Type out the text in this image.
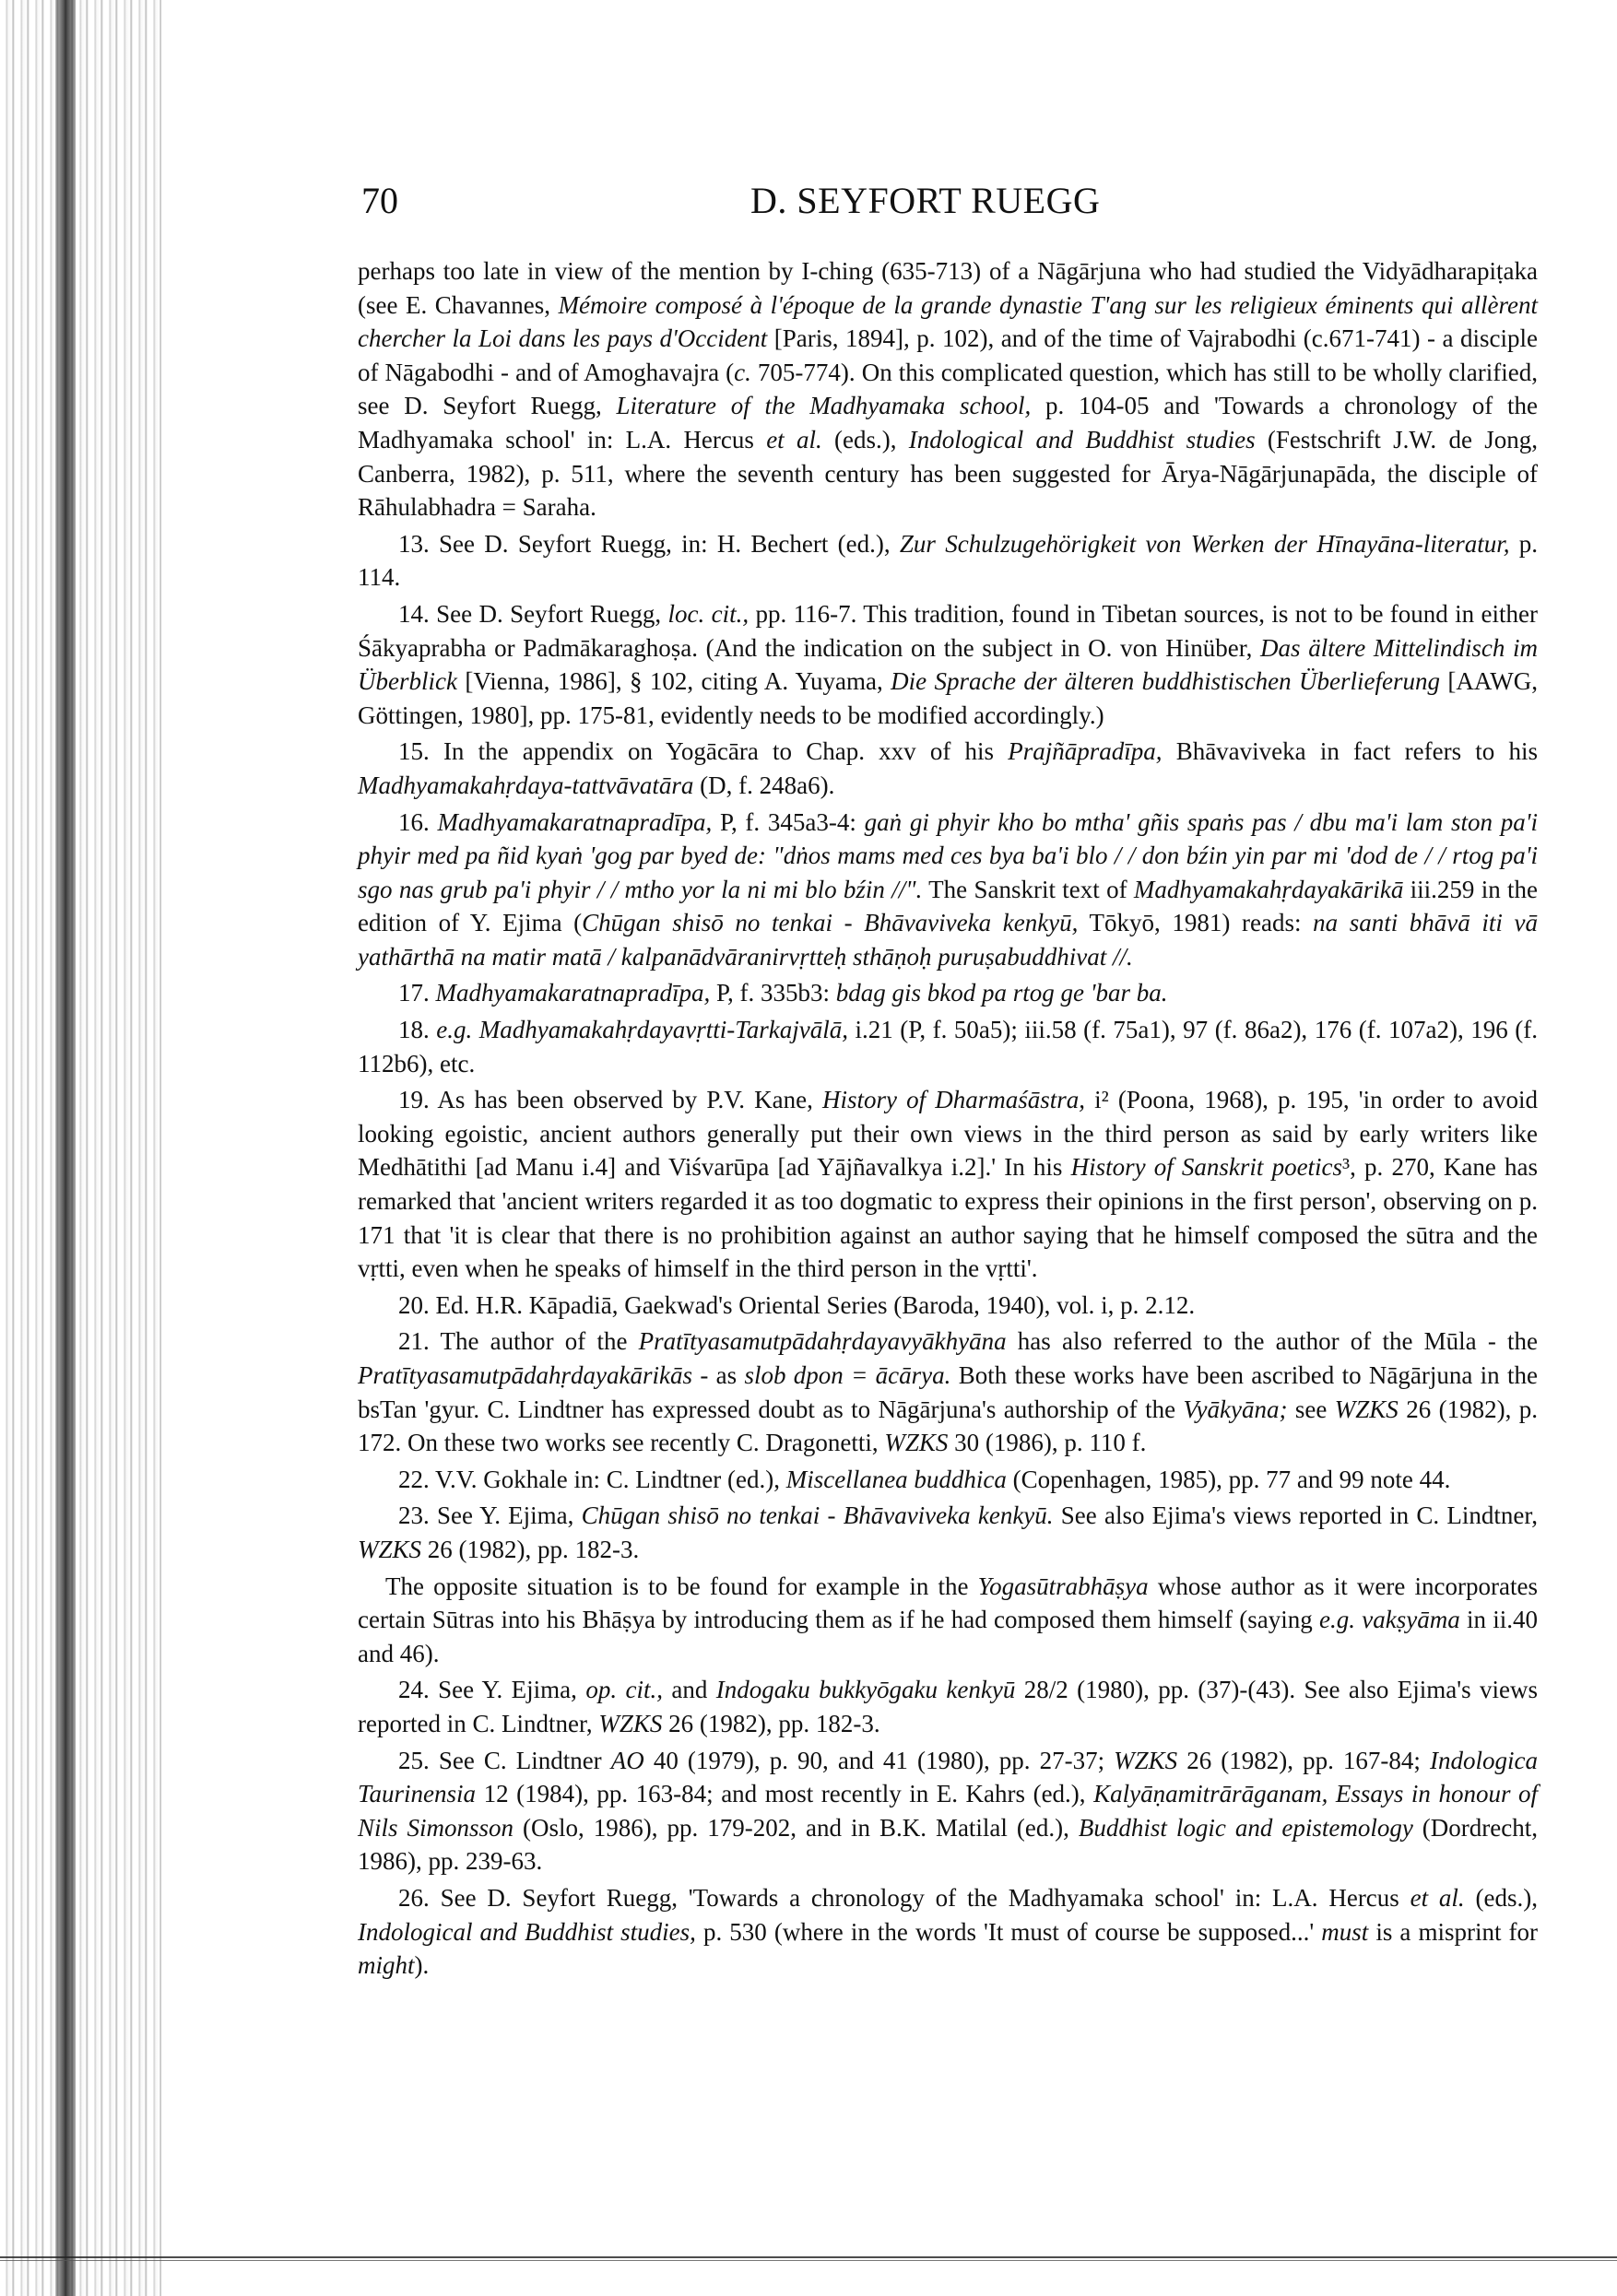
70	D. SEYFORT RUEGG

perhaps too late in view of the mention by I-ching (635-713) of a Nāgārjuna who had studied the Vidyādharapiṭaka (see E. Chavannes, Mémoire composé à l'époque de la grande dynastie T'ang sur les religieux éminents qui allèrent chercher la Loi dans les pays d'Occident [Paris, 1894], p. 102), and of the time of Vajrabodhi (c.671-741) - a disciple of Nāgabodhi - and of Amoghavajra (c. 705-774). On this complicated question, which has still to be wholly clarified, see D. Seyfort Ruegg, Literature of the Madhyamaka school, p. 104-05 and 'Towards a chronology of the Madhyamaka school' in: L.A. Hercus et al. (eds.), Indological and Buddhist studies (Festschrift J.W. de Jong, Canberra, 1982), p. 511, where the seventh century has been suggested for Ārya-Nāgārjunapāda, the disciple of Rāhulabhadra = Saraha.

13. See D. Seyfort Ruegg, in: H. Bechert (ed.), Zur Schulzugehörigkeit von Werken der Hīnayāna-literatur, p. 114.

14. See D. Seyfort Ruegg, loc. cit., pp. 116-7. This tradition, found in Tibetan sources, is not to be found in either Śākyaprabha or Padmākaraghoṣa. (And the indication on the subject in O. von Hinüber, Das ältere Mittelindisch im Überblick [Vienna, 1986], § 102, citing A. Yuyama, Die Sprache der älteren buddhistischen Überlieferung [AAWG, Göttingen, 1980], pp. 175-81, evidently needs to be modified accordingly.)

15. In the appendix on Yogācāra to Chap. xxv of his Prajñāpradīpa, Bhāvaviveka in fact refers to his Madhyamakahṛdaya-tattvāvatāra (D, f. 248a6).

16. Madhyamakaratnapradīpa, P, f. 345a3-4: gaṅ gi phyir kho bo mtha' gñis spaṅs pas / dbu ma'i lam ston pa'i phyir med pa ñid kyaṅ 'gog par byed de: "dṅos mams med ces bya ba'i blo / / don bźin yin par mi 'dod de / / rtog pa'i sgo nas grub pa'i phyir / / mtho yor la ni mi blo bźin //". The Sanskrit text of Madhyamakahṛdayakārikā iii.259 in the edition of Y. Ejima (Chūgan shisō no tenkai - Bhāvaviveka kenkyū, Tōkyō, 1981) reads: na santi bhāvā iti vā yathārthā na matir matā / kalpanādvāranirvṛtteḥ sthāṇoḥ puruṣabuddhivat //.

17. Madhyamakaratnapradīpa, P, f. 335b3: bdag gis bkod pa rtog ge 'bar ba.

18. e.g. Madhyamakahṛdayavṛtti-Tarkajvālā, i.21 (P, f. 50a5); iii.58 (f. 75a1), 97 (f. 86a2), 176 (f. 107a2), 196 (f. 112b6), etc.

19. As has been observed by P.V. Kane, History of Dharmaśāstra, i² (Poona, 1968), p. 195, 'in order to avoid looking egoistic, ancient authors generally put their own views in the third person as said by early writers like Medhātithi [ad Manu i.4] and Viśvarūpa [ad Yājñavalkya i.2].' In his History of Sanskrit poetics³, p. 270, Kane has remarked that 'ancient writers regarded it as too dogmatic to express their opinions in the first person', observing on p. 171 that 'it is clear that there is no prohibition against an author saying that he himself composed the sūtra and the vṛtti, even when he speaks of himself in the third person in the vṛtti'.

20. Ed. H.R. Kāpadiā, Gaekwad's Oriental Series (Baroda, 1940), vol. i, p. 2.12.

21. The author of the Pratītyasamutpādahṛdayavyākhyāna has also referred to the author of the Mūla - the Pratītyasamutpādahṛdayakārikās - as slob dpon = ācārya. Both these works have been ascribed to Nāgārjuna in the bsTan 'gyur. C. Lindtner has expressed doubt as to Nāgārjuna's authorship of the Vyākyāna; see WZKS 26 (1982), p. 172. On these two works see recently C. Dragonetti, WZKS 30 (1986), p. 110 f.

22. V.V. Gokhale in: C. Lindtner (ed.), Miscellanea buddhica (Copenhagen, 1985), pp. 77 and 99 note 44.

23. See Y. Ejima, Chūgan shisō no tenkai - Bhāvaviveka kenkyū. See also Ejima's views reported in C. Lindtner, WZKS 26 (1982), pp. 182-3.

The opposite situation is to be found for example in the Yogasūtrabhāṣya whose author as it were incorporates certain Sūtras into his Bhāṣya by introducing them as if he had composed them himself (saying e.g. vakṣyāma in ii.40 and 46).

24. See Y. Ejima, op. cit., and Indogaku bukkyōgaku kenkyū 28/2 (1980), pp. (37)-(43). See also Ejima's views reported in C. Lindtner, WZKS 26 (1982), pp. 182-3.

25. See C. Lindtner AO 40 (1979), p. 90, and 41 (1980), pp. 27-37; WZKS 26 (1982), pp. 167-84; Indologica Taurinensia 12 (1984), pp. 163-84; and most recently in E. Kahrs (ed.), Kalyāṇamitrārāganam, Essays in honour of Nils Simonsson (Oslo, 1986), pp. 179-202, and in B.K. Matilal (ed.), Buddhist logic and epistemology (Dordrecht, 1986), pp. 239-63.

26. See D. Seyfort Ruegg, 'Towards a chronology of the Madhyamaka school' in: L.A. Hercus et al. (eds.), Indological and Buddhist studies, p. 530 (where in the words 'It must of course be supposed...' must is a misprint for might).
